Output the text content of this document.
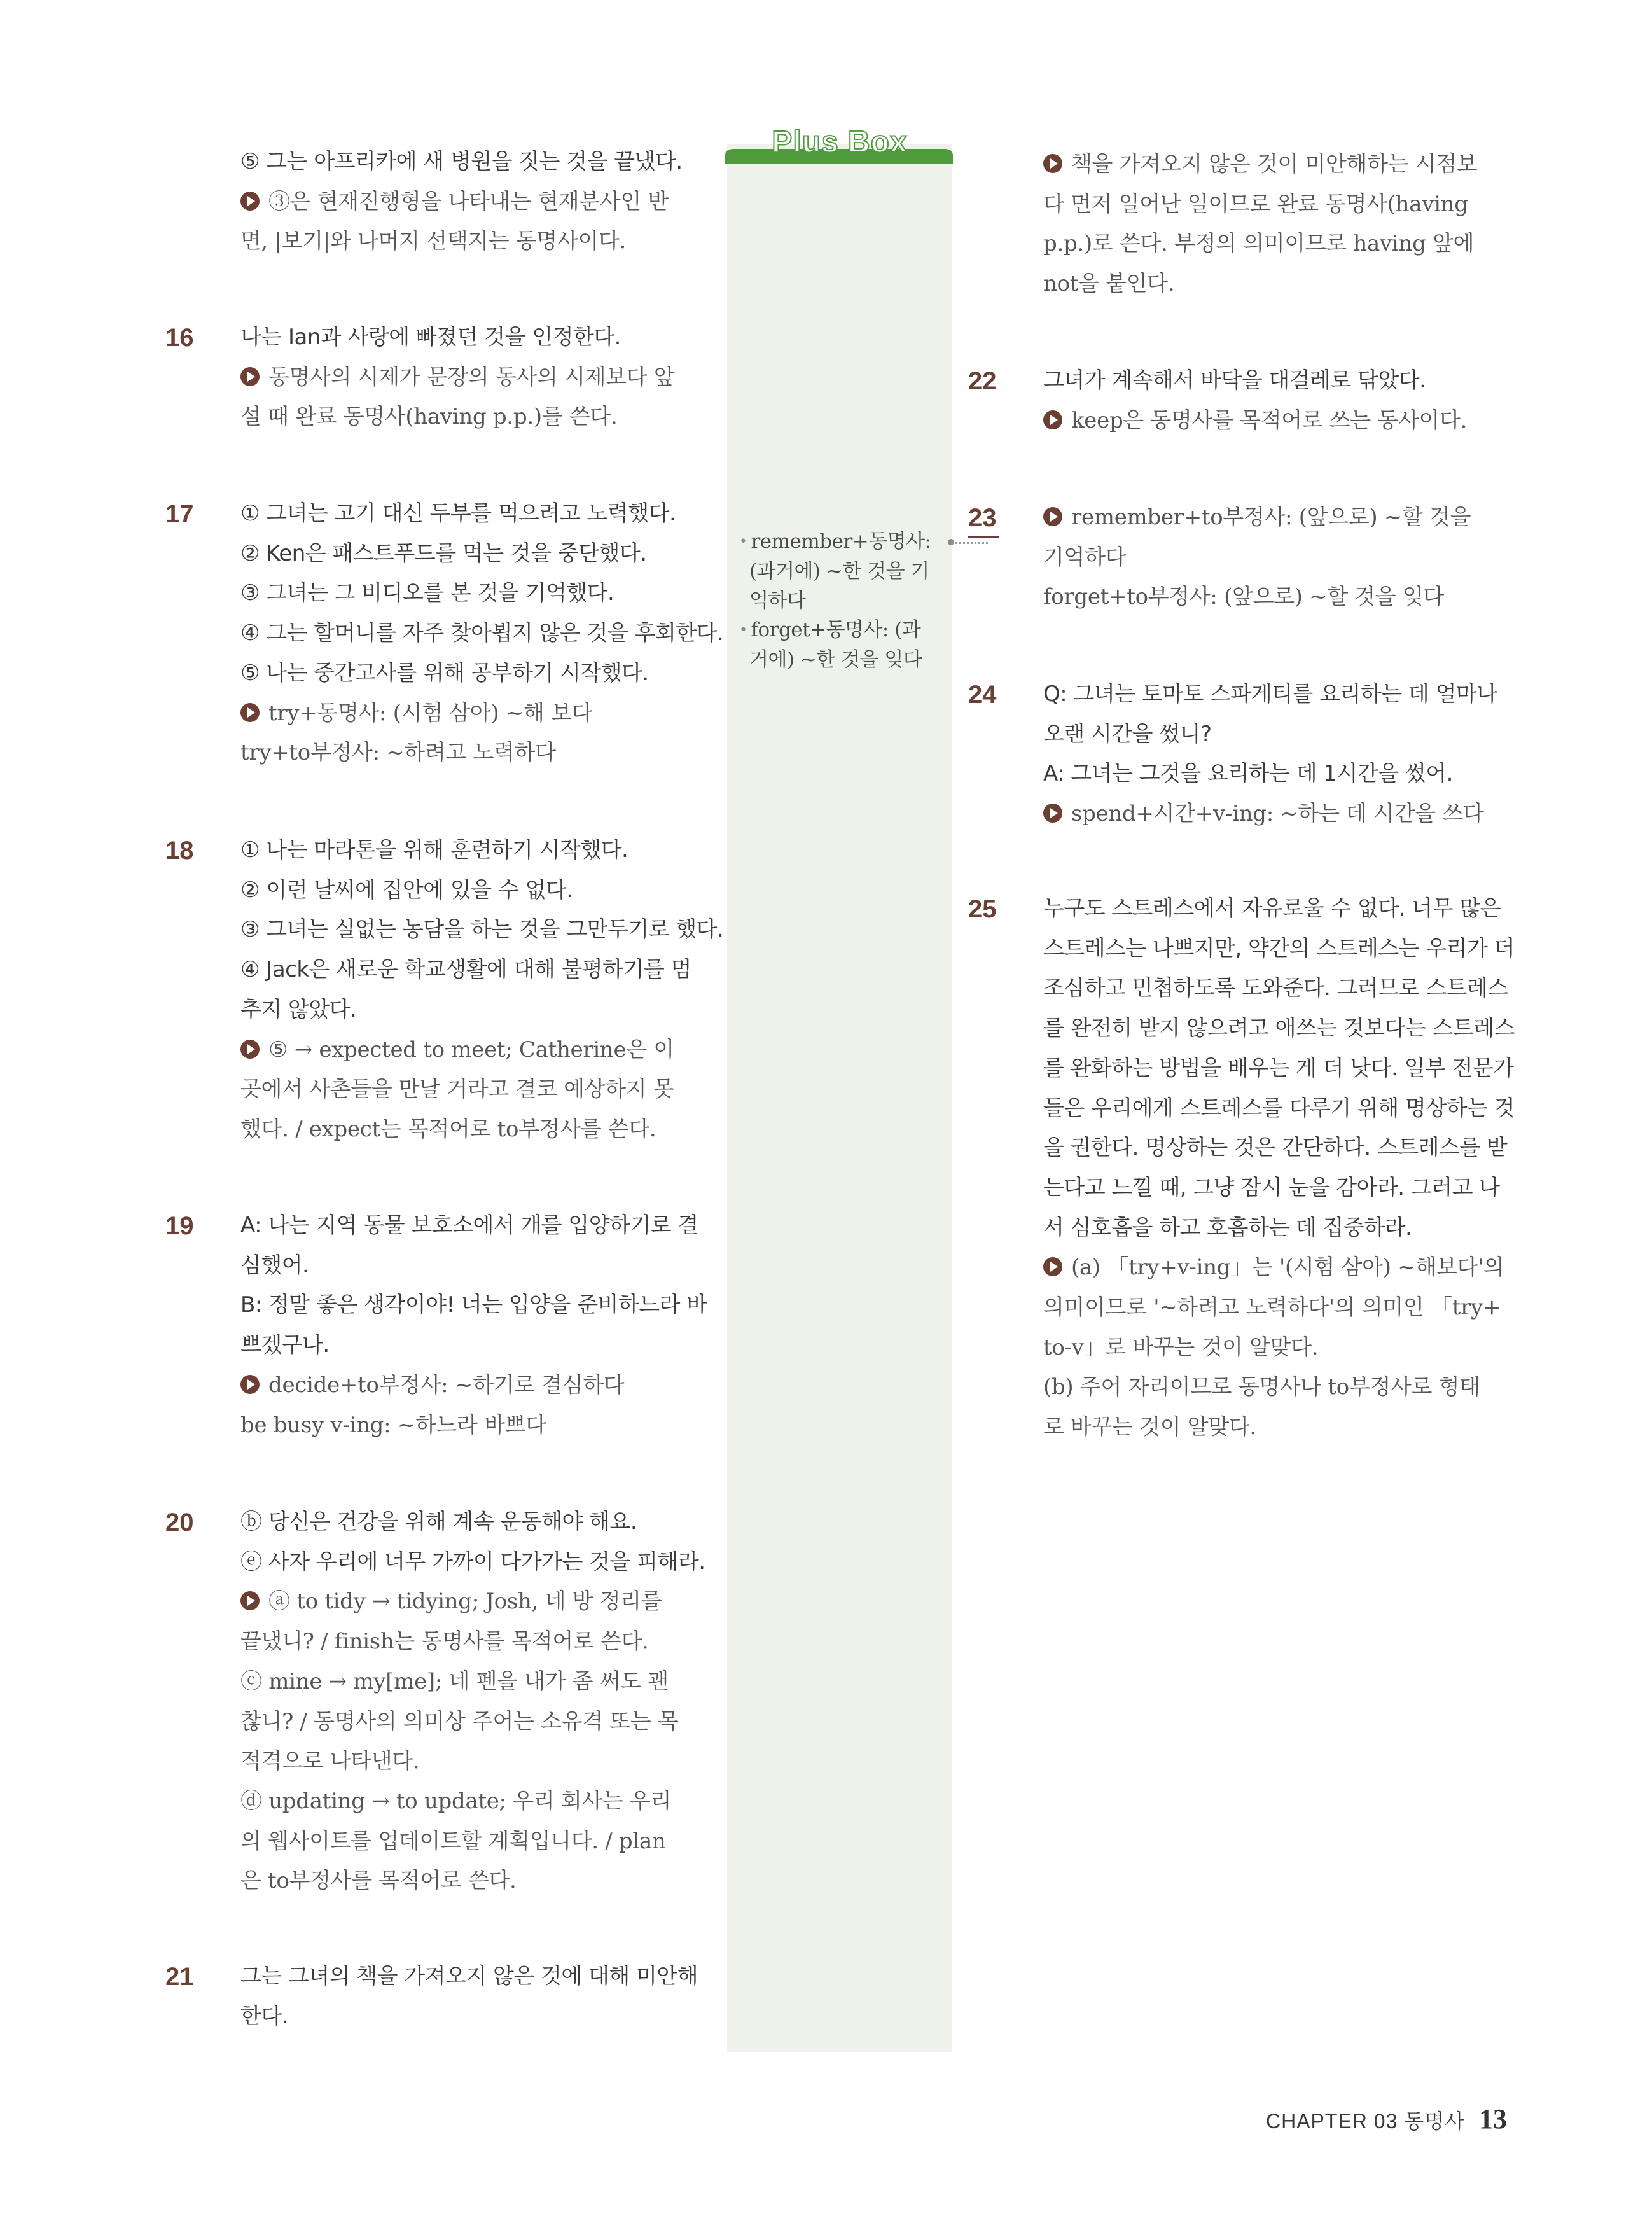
Plus Box
• remember+동명사:
(과거에) ~한 것을 기
억하다
• forget+동명사: (과
거에) ~한 것을 잊다
⑤ 그는 아프리카에 새 병원을 짓는 것을 끝냈다.
③은 현재진행형을 나타내는 현재분사인 반
면, |보기|와 나머지 선택지는 동명사이다.
16 나는 Ian과 사랑에 빠졌던 것을 인정한다.
동명사의 시제가 문장의 동사의 시제보다 앞
설 때 완료 동명사(having p.p.)를 쓴다.
17 ① 그녀는 고기 대신 두부를 먹으려고 노력했다.
② Ken은 패스트푸드를 먹는 것을 중단했다.
③ 그녀는 그 비디오를 본 것을 기억했다.
④ 그는 할머니를 자주 찾아뵙지 않은 것을 후회한다.
⑤ 나는 중간고사를 위해 공부하기 시작했다.
try+동명사: (시험 삼아) ~해 보다
try+to부정사: ~하려고 노력하다
18 ① 나는 마라톤을 위해 훈련하기 시작했다.
② 이런 날씨에 집안에 있을 수 없다.
③ 그녀는 실없는 농담을 하는 것을 그만두기로 했다.
④ Jack은 새로운 학교생활에 대해 불평하기를 멈
추지 않았다.
⑤ → expected to meet; Catherine은 이
곳에서 사촌들을 만날 거라고 결코 예상하지 못
했다. / expect는 목적어로 to부정사를 쓴다.
19 A: 나는 지역 동물 보호소에서 개를 입양하기로 결
심했어.
B: 정말 좋은 생각이야! 너는 입양을 준비하느라 바
쁘겠구나.
decide+to부정사: ~하기로 결심하다
be busy v-ing: ~하느라 바쁘다
20 ⓑ 당신은 건강을 위해 계속 운동해야 해요.
ⓔ 사자 우리에 너무 가까이 다가가는 것을 피해라.
ⓐ to tidy → tidying; Josh, 네 방 정리를
끝냈니? / finish는 동명사를 목적어로 쓴다.
ⓒ mine → my[me]; 네 펜을 내가 좀 써도 괜
찮니? / 동명사의 의미상 주어는 소유격 또는 목
적격으로 나타낸다.
ⓓ updating → to update; 우리 회사는 우리
의 웹사이트를 업데이트할 계획입니다. / plan
은 to부정사를 목적어로 쓴다.
21 그는 그녀의 책을 가져오지 않은 것에 대해 미안해
한다.
책을 가져오지 않은 것이 미안해하는 시점보
다 먼저 일어난 일이므로 완료 동명사(having
p.p.)로 쓴다. 부정의 의미이므로 having 앞에
not을 붙인다.
22 그녀가 계속해서 바닥을 대걸레로 닦았다.
keep은 동명사를 목적어로 쓰는 동사이다.
23	remember+to부정사: (앞으로) ~할 것을
기억하다
forget+to부정사: (앞으로) ~할 것을 잊다
24 Q: 그녀는 토마토 스파게티를 요리하는 데 얼마나
오랜 시간을 썼니?
A: 그녀는 그것을 요리하는 데 1시간을 썼어.
spend+시간+v-ing: ~하는 데 시간을 쓰다
25 누구도 스트레스에서 자유로울 수 없다. 너무 많은
스트레스는 나쁘지만, 약간의 스트레스는 우리가 더
조심하고 민첩하도록 도와준다. 그러므로 스트레스
를 완전히 받지 않으려고 애쓰는 것보다는 스트레스
를 완화하는 방법을 배우는 게 더 낫다. 일부 전문가
들은 우리에게 스트레스를 다루기 위해 명상하는 것
을 권한다. 명상하는 것은 간단하다. 스트레스를 받
는다고 느낄 때, 그냥 잠시 눈을 감아라. 그러고 나
서 심호흡을 하고 호흡하는 데 집중하라.
(a) 「try+v-ing」는 '(시험 삼아) ~해보다'의
의미이므로 '~하려고 노력하다'의 의미인 「try+
to-v」로 바꾸는 것이 알맞다.
(b) 주어 자리이므로 동명사나 to부정사로 형태
로 바꾸는 것이 알맞다.
CHAPTER 03 동명사 13
